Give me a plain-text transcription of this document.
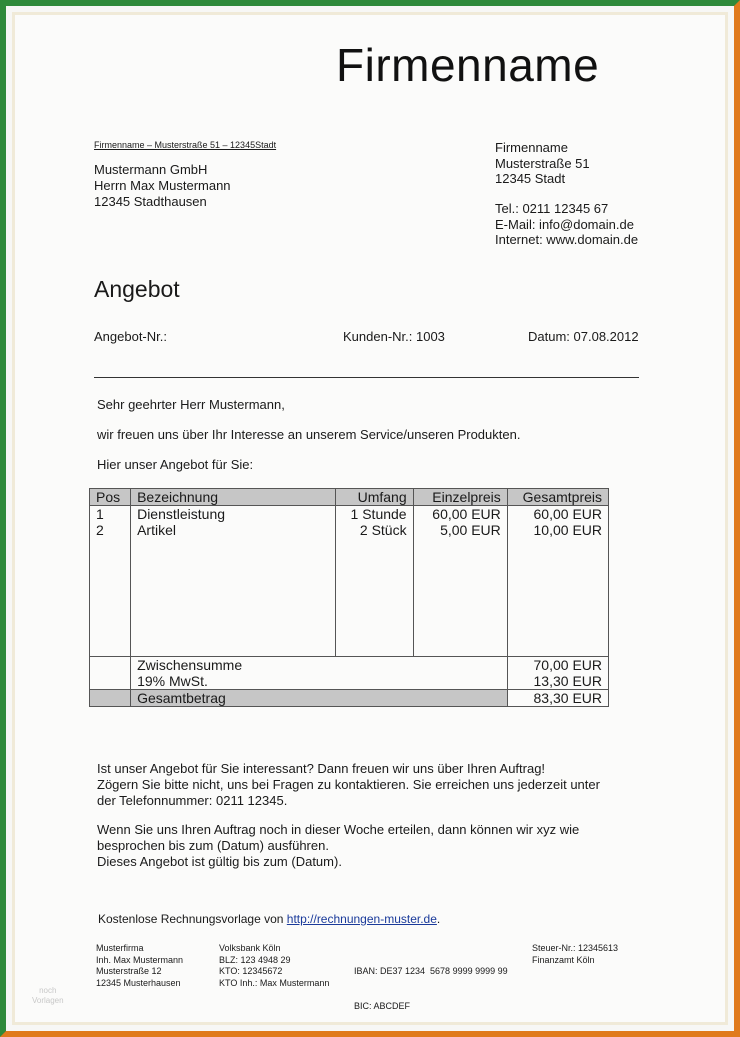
Firmenname
Firmenname – Musterstraße 51 – 12345Stadt
Mustermann GmbH
Herrn Max Mustermann
12345 Stadthausen
Firmenname
Musterstraße 51
12345 Stadt
Tel.: 0211 12345 67
E-Mail: info@domain.de
Internet: www.domain.de
Angebot
Angebot-Nr.:	Kunden-Nr.: 1003	Datum: 07.08.2012
Sehr geehrter Herr Mustermann,
wir freuen uns über Ihr Interesse an unserem Service/unseren Produkten.
Hier unser Angebot für Sie:
Pos	Bezeichnung	Umfang	Einzelpreis	Gesamtpreis
1	Dienstleistung	1 Stunde	60,00 EUR	60,00 EUR
2	Artikel	2 Stück	5,00 EUR	10,00 EUR

	Zwischensumme			70,00 EUR
	19% MwSt.			13,30 EUR
	Gesamtbetrag			83,30 EUR
Ist unser Angebot für Sie interessant? Dann freuen wir uns über Ihren Auftrag!
Zögern Sie bitte nicht, uns bei Fragen zu kontaktieren. Sie erreichen uns jederzeit unter
der Telefonnummer: 0211 12345.
Wenn Sie uns Ihren Auftrag noch in dieser Woche erteilen, dann können wir xyz wie
besprochen bis zum (Datum) ausführen.
Dieses Angebot ist gültig bis zum (Datum).
Kostenlose Rechnungsvorlage von http://rechnungen-muster.de.
Musterfirma
Inh. Max Mustermann
Musterstraße 12
12345 Musterhausen
Volksbank Köln
BLZ: 123 4948 29
KTO: 12345672
KTO Inh.: Max Mustermann

IBAN: DE37 1234  5678 9999 9999 99

BIC: ABCDEF

Steuer-Nr.: 12345613
Finanzamt Köln
noch
Vorlagen
